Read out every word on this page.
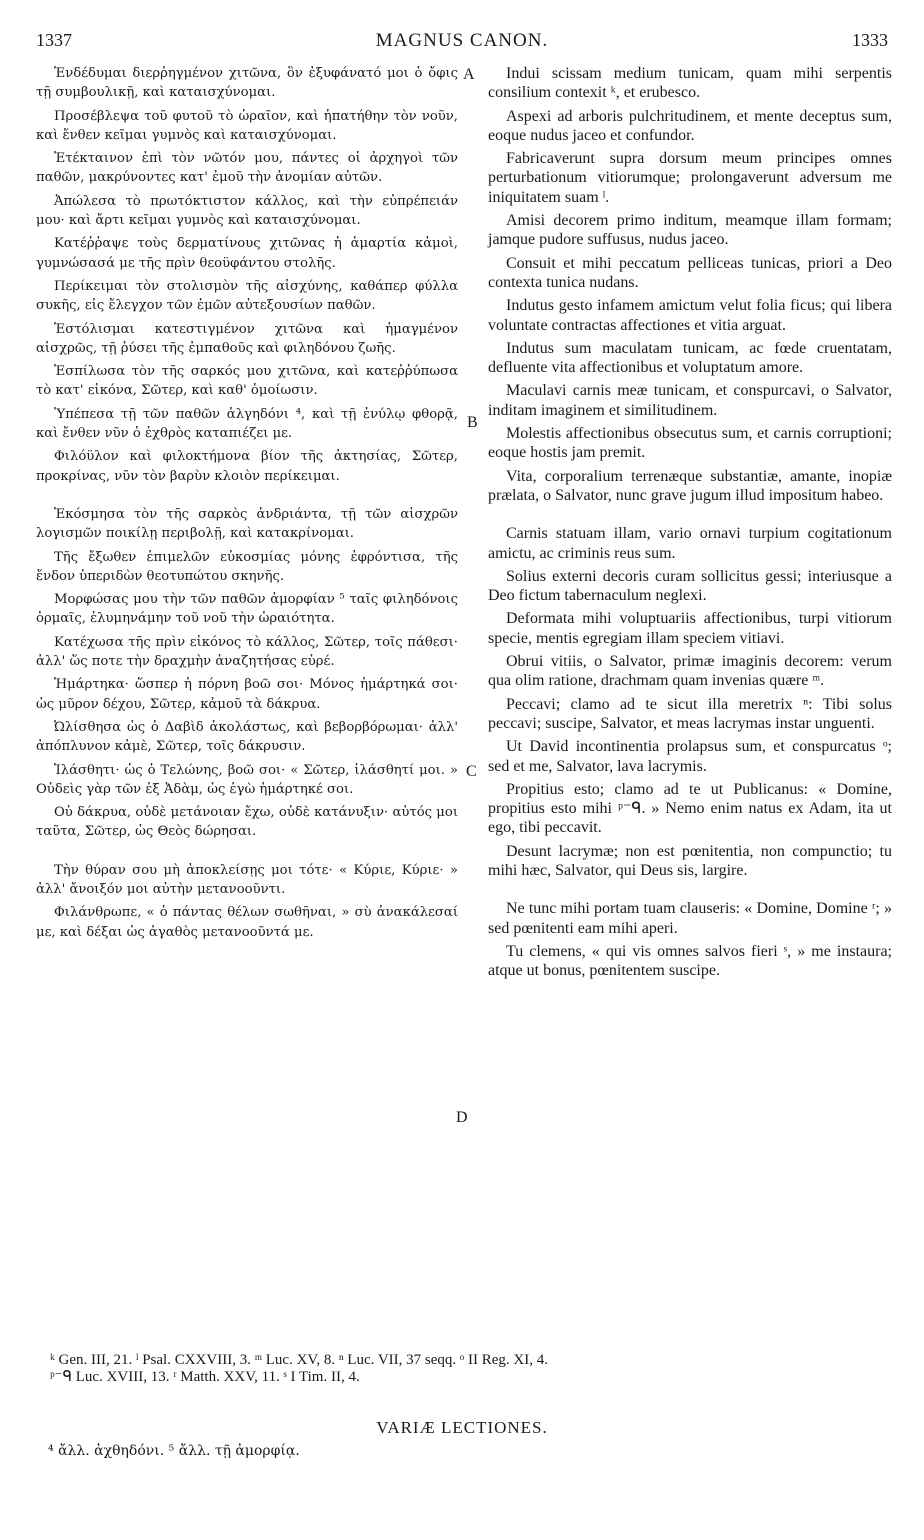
1337	MAGNUS CANON.	1333
A
B
C
D

Ἐνδέδυμαι διερῤηγμένον χιτῶνα, ὃν ἐξυφάνατό μοι ὁ ὄφις τῇ συμβουλικῇ, καὶ καταισχύνομαι.

Προσέβλεψα τοῦ φυτοῦ τὸ ὡραῖον, καὶ ἠπατήθην τὸν νοῦν, καὶ ἔνθεν κεῖμαι γυμνὸς καὶ καταισχύνομαι.

Ἐτέκταινον ἐπὶ τὸν νῶτόν μου, πάντες οἱ ἀρχηγοὶ τῶν παθῶν, μακρύνοντες κατ' ἐμοῦ τὴν ἀνομίαν αὐτῶν.

Ἀπώλεσα τὸ πρωτόκτιστον κάλλος, καὶ τὴν εὐπρέπειάν μου· καὶ ἄρτι κεῖμαι γυμνὸς καὶ καταισχύνομαι.

Κατέῤῥαψε τοὺς δερματίνους χιτῶνας ἡ ἁμαρτία κἀμοὶ, γυμνώσασά με τῆς πρὶν θεοϋφάντου στολῆς.

Περίκειμαι τὸν στολισμὸν τῆς αἰσχύνης, καθάπερ φύλλα συκῆς, εἰς ἔλεγχον τῶν ἐμῶν αὐτεξουσίων παθῶν.

Ἐστόλισμαι κατεστιγμένον χιτῶνα καὶ ἡμαγμένον αἰσχρῶς, τῇ ῥύσει τῆς ἐμπαθοῦς καὶ φιληδόνου ζωῆς.

Ἐσπίλωσα τὸν τῆς σαρκός μου χιτῶνα, καὶ κατεῤῥύπωσα τὸ κατ' εἰκόνα, Σῶτερ, καὶ καθ' ὁμοίωσιν.

Ὑπέπεσα τῇ τῶν παθῶν ἀλγηδόνι ⁴, καὶ τῇ ἐνύλῳ φθορᾷ, καὶ ἔνθεν νῦν ὁ ἐχθρὸς καταπιέζει με.

Φιλόϋλον καὶ φιλοκτήμονα βίον τῆς ἀκτησίας, Σῶτερ, προκρίνας, νῦν τὸν βαρὺν κλοιὸν περίκειμαι.

Ἐκόσμησα τὸν τῆς σαρκὸς ἀνδριάντα, τῇ τῶν αἰσχρῶν λογισμῶν ποικίλῃ περιβολῇ, καὶ κατακρίνομαι.

Τῆς ἔξωθεν ἐπιμελῶν εὐκοσμίας μόνης ἐφρόντισα, τῆς ἔνδον ὑπεριδὼν θεοτυπώτου σκηνῆς.

Μορφώσας μου τὴν τῶν παθῶν ἀμορφίαν ⁵ ταῖς φιληδόνοις ὁρμαῖς, ἐλυμηνάμην τοῦ νοῦ τὴν ὡραιότητα.

Κατέχωσα τῆς πρὶν εἰκόνος τὸ κάλλος, Σῶτερ, τοῖς πάθεσι· ἀλλ' ὥς ποτε τὴν δραχμὴν ἀναζητήσας εὑρέ.

Ἡμάρτηκα· ὥσπερ ἡ πόρνη βοῶ σοι· Μόνος ἡμάρτηκά σοι· ὡς μῦρον δέχου, Σῶτερ, κἀμοῦ τὰ δάκρυα.

Ὠλίσθησα ὡς ὁ Δαβὶδ ἀκολάστως, καὶ βεβορβόρωμαι· ἀλλ' ἀπόπλυνον κἀμὲ, Σῶτερ, τοῖς δάκρυσιν.

Ἱλάσθητι· ὡς ὁ Τελώνης, βοῶ σοι· « Σῶτερ, ἱλάσθητί μοι. » Οὐδεὶς γὰρ τῶν ἐξ Ἀδὰμ, ὡς ἐγὼ ἡμάρτηκέ σοι.

Οὐ δάκρυα, οὐδὲ μετάνοιαν ἔχω, οὐδὲ κατάνυξιν· αὐτός μοι ταῦτα, Σῶτερ, ὡς Θεὸς δώρησαι.

Τὴν θύραν σου μὴ ἀποκλείσῃς μοι τότε· « Κύριε, Κύριε· » ἀλλ' ἄνοιξόν μοι αὐτὴν μετανοοῦντι.

Φιλάνθρωπε, « ὁ πάντας θέλων σωθῆναι, » σὺ ἀνακάλεσαί με, καὶ δέξαι ὡς ἀγαθὸς μετανοοῦντά με.

Indui scissam medium tunicam, quam mihi serpentis consilium contexit ᵏ, et erubesco.

Aspexi ad arboris pulchritudinem, et mente deceptus sum, eoque nudus jaceo et confundor.

Fabricaverunt supra dorsum meum principes omnes perturbationum vitiorumque; prolongaverunt adversum me iniquitatem suam ˡ.

Amisi decorem primo inditum, meamque illam formam; jamque pudore suffusus, nudus jaceo.

Consuit et mihi peccatum pelliceas tunicas, priori a Deo contexta tunica nudans.

Indutus gesto infamem amictum velut folia ficus; qui libera voluntate contractas affectiones et vitia arguat.

Indutus sum maculatam tunicam, ac fœde cruentatam, defluente vita affectionibus et voluptatum amore.

Maculavi carnis meæ tunicam, et conspurcavi, o Salvator, inditam imaginem et similitudinem.

Molestis affectionibus obsecutus sum, et carnis corruptioni; eoque hostis jam premit.

Vita, corporalium terrenæque substantiæ, amante, inopiæ prælata, o Salvator, nunc grave jugum illud impositum habeo.

Carnis statuam illam, vario ornavi turpium cogitationum amictu, ac criminis reus sum.

Solius externi decoris curam sollicitus gessi; interiusque a Deo fictum tabernaculum neglexi.

Deformata mihi voluptuariis affectionibus, turpi vitiorum specie, mentis egregiam illam speciem vitiavi.

Obrui vitiis, o Salvator, primæ imaginis decorem: verum qua olim ratione, drachmam quam invenias quære ᵐ.

Peccavi; clamo ad te sicut illa meretrix ⁿ: Tibi solus peccavi; suscipe, Salvator, et meas lacrymas instar unguenti.

Ut David incontinentia prolapsus sum, et conspurcatus ᵒ; sed et me, Salvator, lava lacrymis.

Propitius esto; clamo ad te ut Publicanus: « Domine, propitius esto mihi ᵖ⁻ᑫ. » Nemo enim natus ex Adam, ita ut ego, tibi peccavit.

Desunt lacrymæ; non est pœnitentia, non compunctio; tu mihi hæc, Salvator, qui Deus sis, largire.

Ne tunc mihi portam tuam clauseris: « Domine, Domine ʳ; » sed pœnitenti eam mihi aperi.

Tu clemens, « qui vis omnes salvos fieri ˢ, » me instaura; atque ut bonus, pœnitentem suscipe.

ᵏ Gen. III, 21. ˡ Psal. CXXVIII, 3. ᵐ Luc. XV, 8. ⁿ Luc. VII, 37 seqq. ᵒ II Reg. XI, 4.
ᵖ⁻ᑫ Luc. XVIII, 13. ʳ Matth. XXV, 11. ˢ I Tim. II, 4.
VARIÆ LECTIONES.
⁴ ἄλλ. ἀχθηδόνι. ⁵ ἄλλ. τῇ ἀμορφίᾳ.
